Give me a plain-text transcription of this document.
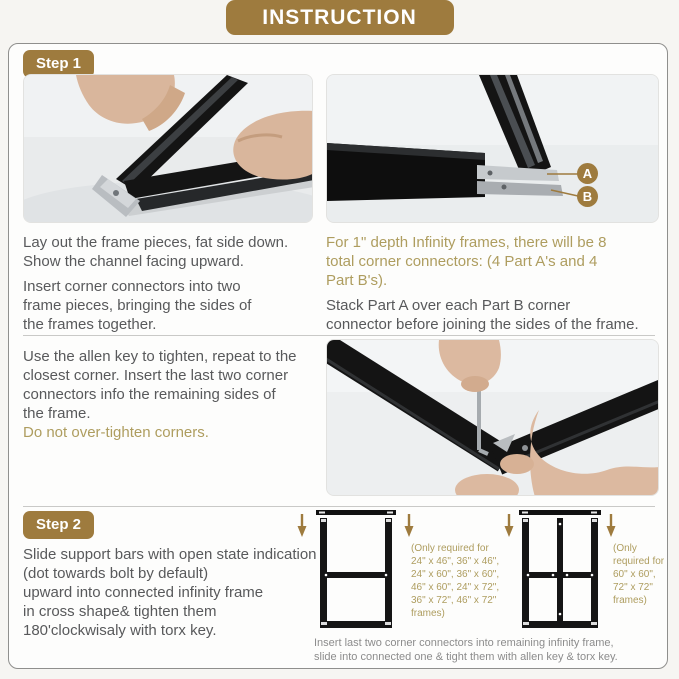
INSTRUCTION
Step 1
A
B

Lay out the frame pieces, fat side down.
Show the channel facing upward.

Insert corner connectors into two
frame pieces, bringing the sides of
the frames together.

For 1" depth Infinity frames, there will be 8
total corner connectors: (4 Part A's and 4
Part B's).

Stack Part A over each Part B corner
connector before joining the sides of the frame.

Use the allen key to tighten, repeat to the
closest corner. Insert the last two corner
connectors info the remaining sides of
the frame.

Do not over-tighten corners.

Step 2

Slide support bars with open state indication
(dot towards bolt by default)
upward into connected infinity frame
in cross shape& tighten them
180'clockwisaly with torx key.

(Only required for
24" x 46", 36" x 46",
24" x 60", 36" x 60",
46" x 60", 24" x 72",
36" x 72", 46" x 72"
frames)
(Only
required for
60" x 60",
72" x 72"
frames)
Insert last two corner connectors into remaining infinity frame,
slide into connected one & tight them with allen key & torx key.
